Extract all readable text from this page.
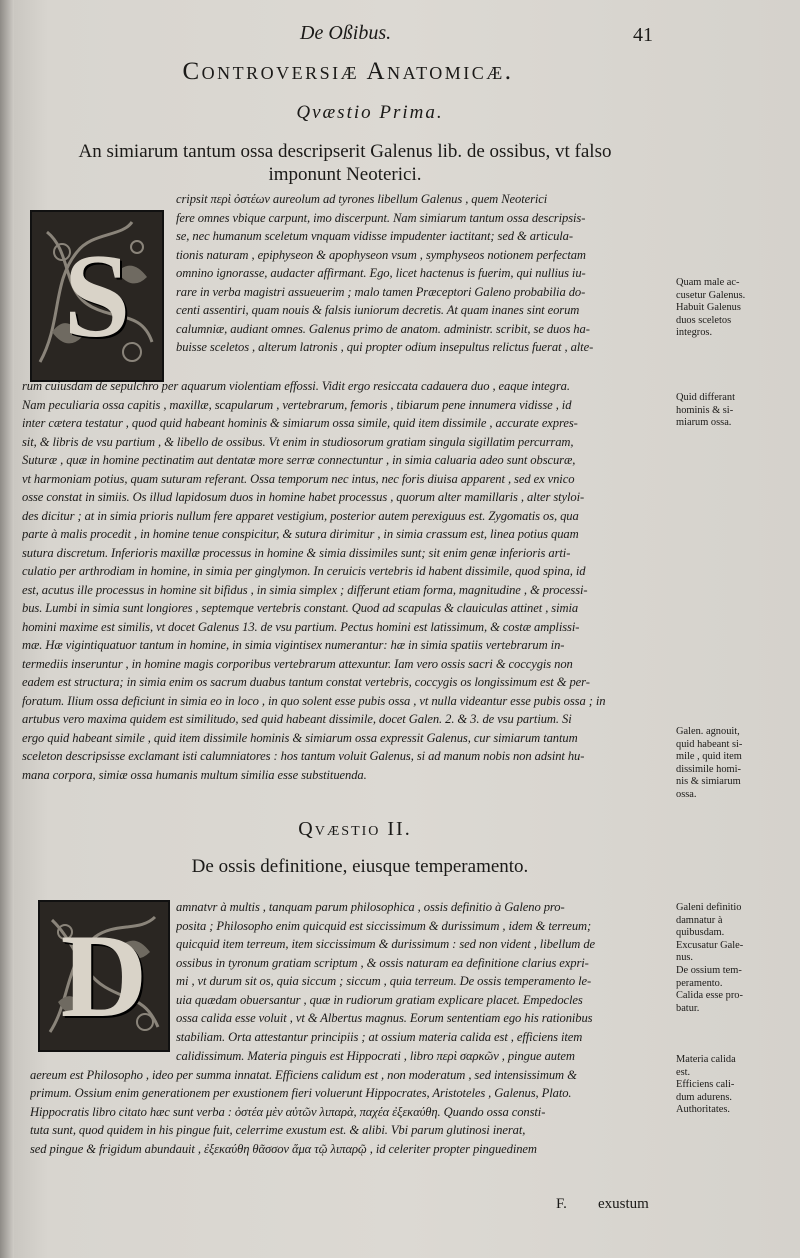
De Oßibus.	41
Controversiæ Anatomicæ.
Qvæstio Prima.
An simiarum tantum ossa descripserit Galenus lib. de ossibus, vt falso
imponunt Neoterici.
S
cripsit περὶ ὀστέων aureolum ad tyrones libellum Galenus , quem Neoterici
fere omnes vbique carpunt, imo discerpunt. Nam simiarum tantum ossa descripsis-
se, nec humanum sceletum vnquam vidisse impudenter iactitant; sed & articula-
tionis naturam , epiphyseon & apophyseon vsum , symphyseos notionem perfectam
omnino ignorasse, audacter affirmant. Ego, licet hactenus is fuerim, qui nullius iu-
rare in verba magistri assueuerim ; malo tamen Præceptori Galeno probabilia do-
centi assentiri, quam nouis & falsis iuniorum decretis. At quam inanes sint eorum
calumniæ, audiant omnes. Galenus primo de anatom. administr. scribit, se duos ha-
buisse sceletos , alterum latronis , qui propter odium insepultus relictus fuerat , alte-
rum cuiusdam de sepulchro per aquarum violentiam effossi. Vidit ergo resiccata cadauera duo , eaque integra.
Nam peculiaria ossa capitis , maxillæ, scapularum , vertebrarum, femoris , tibiarum pene innumera vidisse , id
inter cætera testatur , quod quid habeant hominis & simiarum ossa simile, quid item dissimile , accurate expres-
sit, & libris de vsu partium , & libello de ossibus. Vt enim in studiosorum gratiam singula sigillatim percurram,
Suturæ , quæ in homine pectinatim aut dentatæ more serræ connectuntur , in simia caluaria adeo sunt obscuræ,
vt harmoniam potius, quam suturam referant. Ossa temporum nec intus, nec foris diuisa apparent , sed ex vnico
osse constat in simiis. Os illud lapidosum duos in homine habet processus , quorum alter mamillaris , alter styloi-
des dicitur ; at in simia prioris nullum fere apparet vestigium, posterior autem perexiguus est. Zygomatis os, qua
parte à malis procedit , in homine tenue conspicitur, & sutura dirimitur , in simia crassum est, linea potius quam
sutura discretum. Inferioris maxillæ processus in homine & simia dissimiles sunt; sit enim genæ inferioris arti-
culatio per arthrodiam in homine, in simia per ginglymon. In ceruicis vertebris id habent dissimile, quod spina, id
est, acutus ille processus in homine sit bifidus , in simia simplex ; differunt etiam forma, magnitudine , & processi-
bus. Lumbi in simia sunt longiores , septemque vertebris constant. Quod ad scapulas & clauiculas attinet , simia
homini maxime est similis, vt docet Galenus 13. de vsu partium. Pectus homini est latissimum, & costæ amplissi-
mæ. Hæ vigintiquatuor tantum in homine, in simia vigintisex numerantur: hæ in simia spatiis vertebrarum in-
termediis inseruntur , in homine magis corporibus vertebrarum attexuntur. Iam vero ossis sacri & coccygis non
eadem est structura; in simia enim os sacrum duabus tantum constat vertebris, coccygis os longissimum est & per-
foratum. Ilium ossa deficiunt in simia eo in loco , in quo solent esse pubis ossa , vt nulla videantur esse pubis ossa ; in
artubus vero maxima quidem est similitudo, sed quid habeant dissimile, docet Galen. 2. & 3. de vsu partium. Si
ergo quid habeant simile , quid item dissimile hominis & simiarum ossa expressit Galenus, cur simiarum tantum
sceleton descripsisse exclamant isti calumniatores : hos tantum voluit Galenus, si ad manum nobis non adsint hu-
mana corpora, simiæ ossa humanis multum similia esse substituenda.
Quam male ac-
cusetur Galenus.
Habuit Galenus
duos sceletos
integros.
Quid differant
hominis & si-
miarum ossa.
Galen. agnouit,
quid habeant si-
mile , quid item
dissimile homi-
nis & simiarum
ossa.
Qvæstio II.
De ossis definitione, eiusque temperamento.
D
amnatvr à multis , tanquam parum philosophica , ossis definitio à Galeno pro-
posita ; Philosopho enim quicquid est siccissimum & durissimum , idem & terreum;
quicquid item terreum, item siccissimum & durissimum : sed non vident , libellum de
ossibus in tyronum gratiam scriptum , & ossis naturam ea definitione clarius expri-
mi , vt durum sit os, quia siccum ; siccum , quia terreum. De ossis temperamento le-
uia quædam obuersantur , quæ in rudiorum gratiam explicare placet. Empedocles
ossa calida esse voluit , vt & Albertus magnus. Eorum sententiam ego his rationibus
stabiliam. Orta attestantur principiis ; at ossium materia calida est , efficiens item
calidissimum. Materia pinguis est Hippocrati , libro περὶ σαρκῶν , pingue autem
aereum est Philosopho , ideo per summa innatat. Efficiens calidum est , non moderatum , sed intensissimum &
primum. Ossium enim generationem per exustionem fieri voluerunt Hippocrates, Aristoteles , Galenus, Plato.
Hippocratis libro citato hæc sunt verba : ὀστέα μὲν αὐτῶν λιπαρὰ, παχέα ἐξεκαύθη. Quando ossa consti-
tuta sunt, quod quidem in his pingue fuit, celerrime exustum est. & alibi. Vbi parum glutinosi inerat,
sed pingue & frigidum abundauit , ἐξεκαύθη θᾶσσον ἅμα τῷ λιπαρῷ , id celeriter propter pinguedinem
Galeni definitio
damnatur à
quibusdam.
Excusatur Gale-
nus.
De ossium tem-
peramento.
Calida esse pro-
batur.
Materia calida
est.
Efficiens cali-
dum adurens.
Authoritates.
F. exustum
